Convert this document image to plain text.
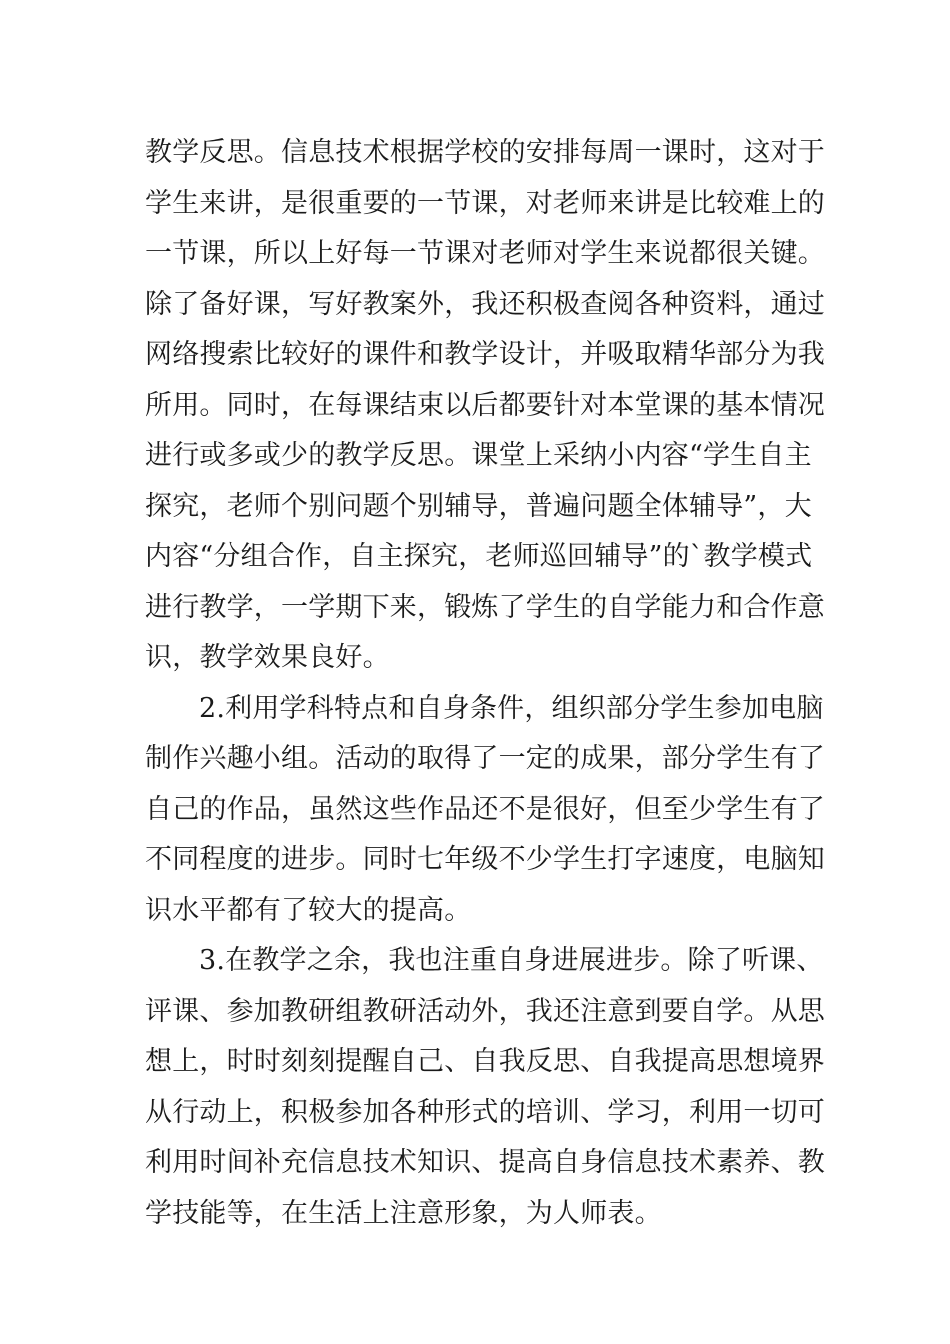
教学反思。信息技术根据学校的安排每周一课时，这对于
学生来讲，是很重要的一节课，对老师来讲是比较难上的
一节课，所以上好每一节课对老师对学生来说都很关键。
除了备好课，写好教案外，我还积极查阅各种资料，通过
网络搜索比较好的课件和教学设计，并吸取精华部分为我
所用。同时，在每课结束以后都要针对本堂课的基本情况
进行或多或少的教学反思。课堂上采纳小内容“学生自主
探究，老师个别问题个别辅导，普遍问题全体辅导”，大
内容“分组合作，自主探究，老师巡回辅导”的`教学模式
进行教学，一学期下来，锻炼了学生的自学能力和合作意
识，教学效果良好。
2.利用学科特点和自身条件，组织部分学生参加电脑
制作兴趣小组。活动的取得了一定的成果，部分学生有了
自己的作品，虽然这些作品还不是很好，但至少学生有了
不同程度的进步。同时七年级不少学生打字速度，电脑知
识水平都有了较大的提高。
3.在教学之余，我也注重自身进展进步。除了听课、
评课、参加教研组教研活动外，我还注意到要自学。从思
想上，时时刻刻提醒自己、自我反思、自我提高思想境界
从行动上，积极参加各种形式的培训、学习，利用一切可
利用时间补充信息技术知识、提高自身信息技术素养、教
学技能等，在生活上注意形象，为人师表。
